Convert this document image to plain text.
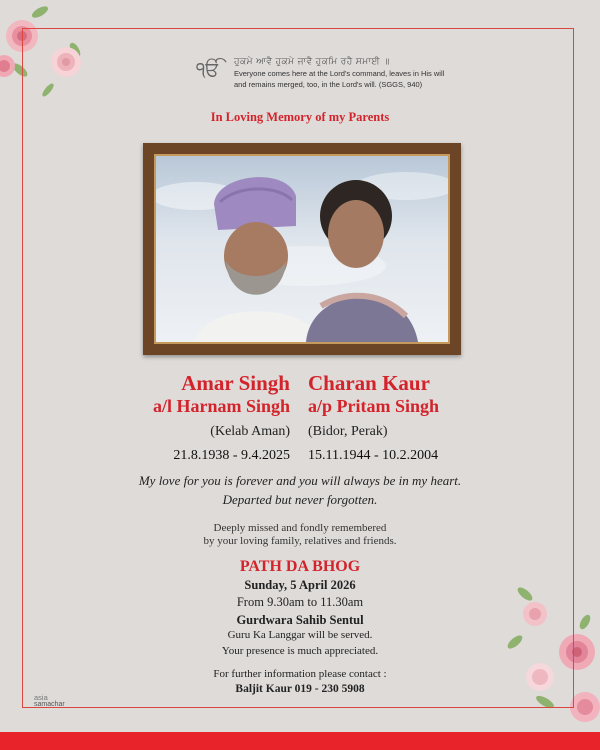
ੴ	ਹੁਕਮੇ ਆਵੈ ਹੁਕਮੇ ਜਾਵੈ ਹੁਕਮਿ ਰਹੈ ਸਮਾਈ ॥
Everyone comes here at the Lord's command, leaves in His will
and remains merged, too, in the Lord's will. (SGGS, 940)
In Loving Memory of my Parents
Amar Singh
a/l Harnam Singh
(Kelab Aman)
21.8.1938 - 9.4.2025
Charan Kaur
a/p Pritam Singh
(Bidor, Perak)
15.11.1944 - 10.2.2004
My love for you is forever and you will always be in my heart.
Departed but never forgotten.
Deeply missed and fondly remembered
by your loving family, relatives and friends.
PATH DA BHOG
Sunday, 5 April 2026
From 9.30am to 11.30am
Gurdwara Sahib Sentul
Guru Ka Langgar will be served.
Your presence is much appreciated.
For further information please contact :
Baljit Kaur 019 - 230 5908
asia
samachar
